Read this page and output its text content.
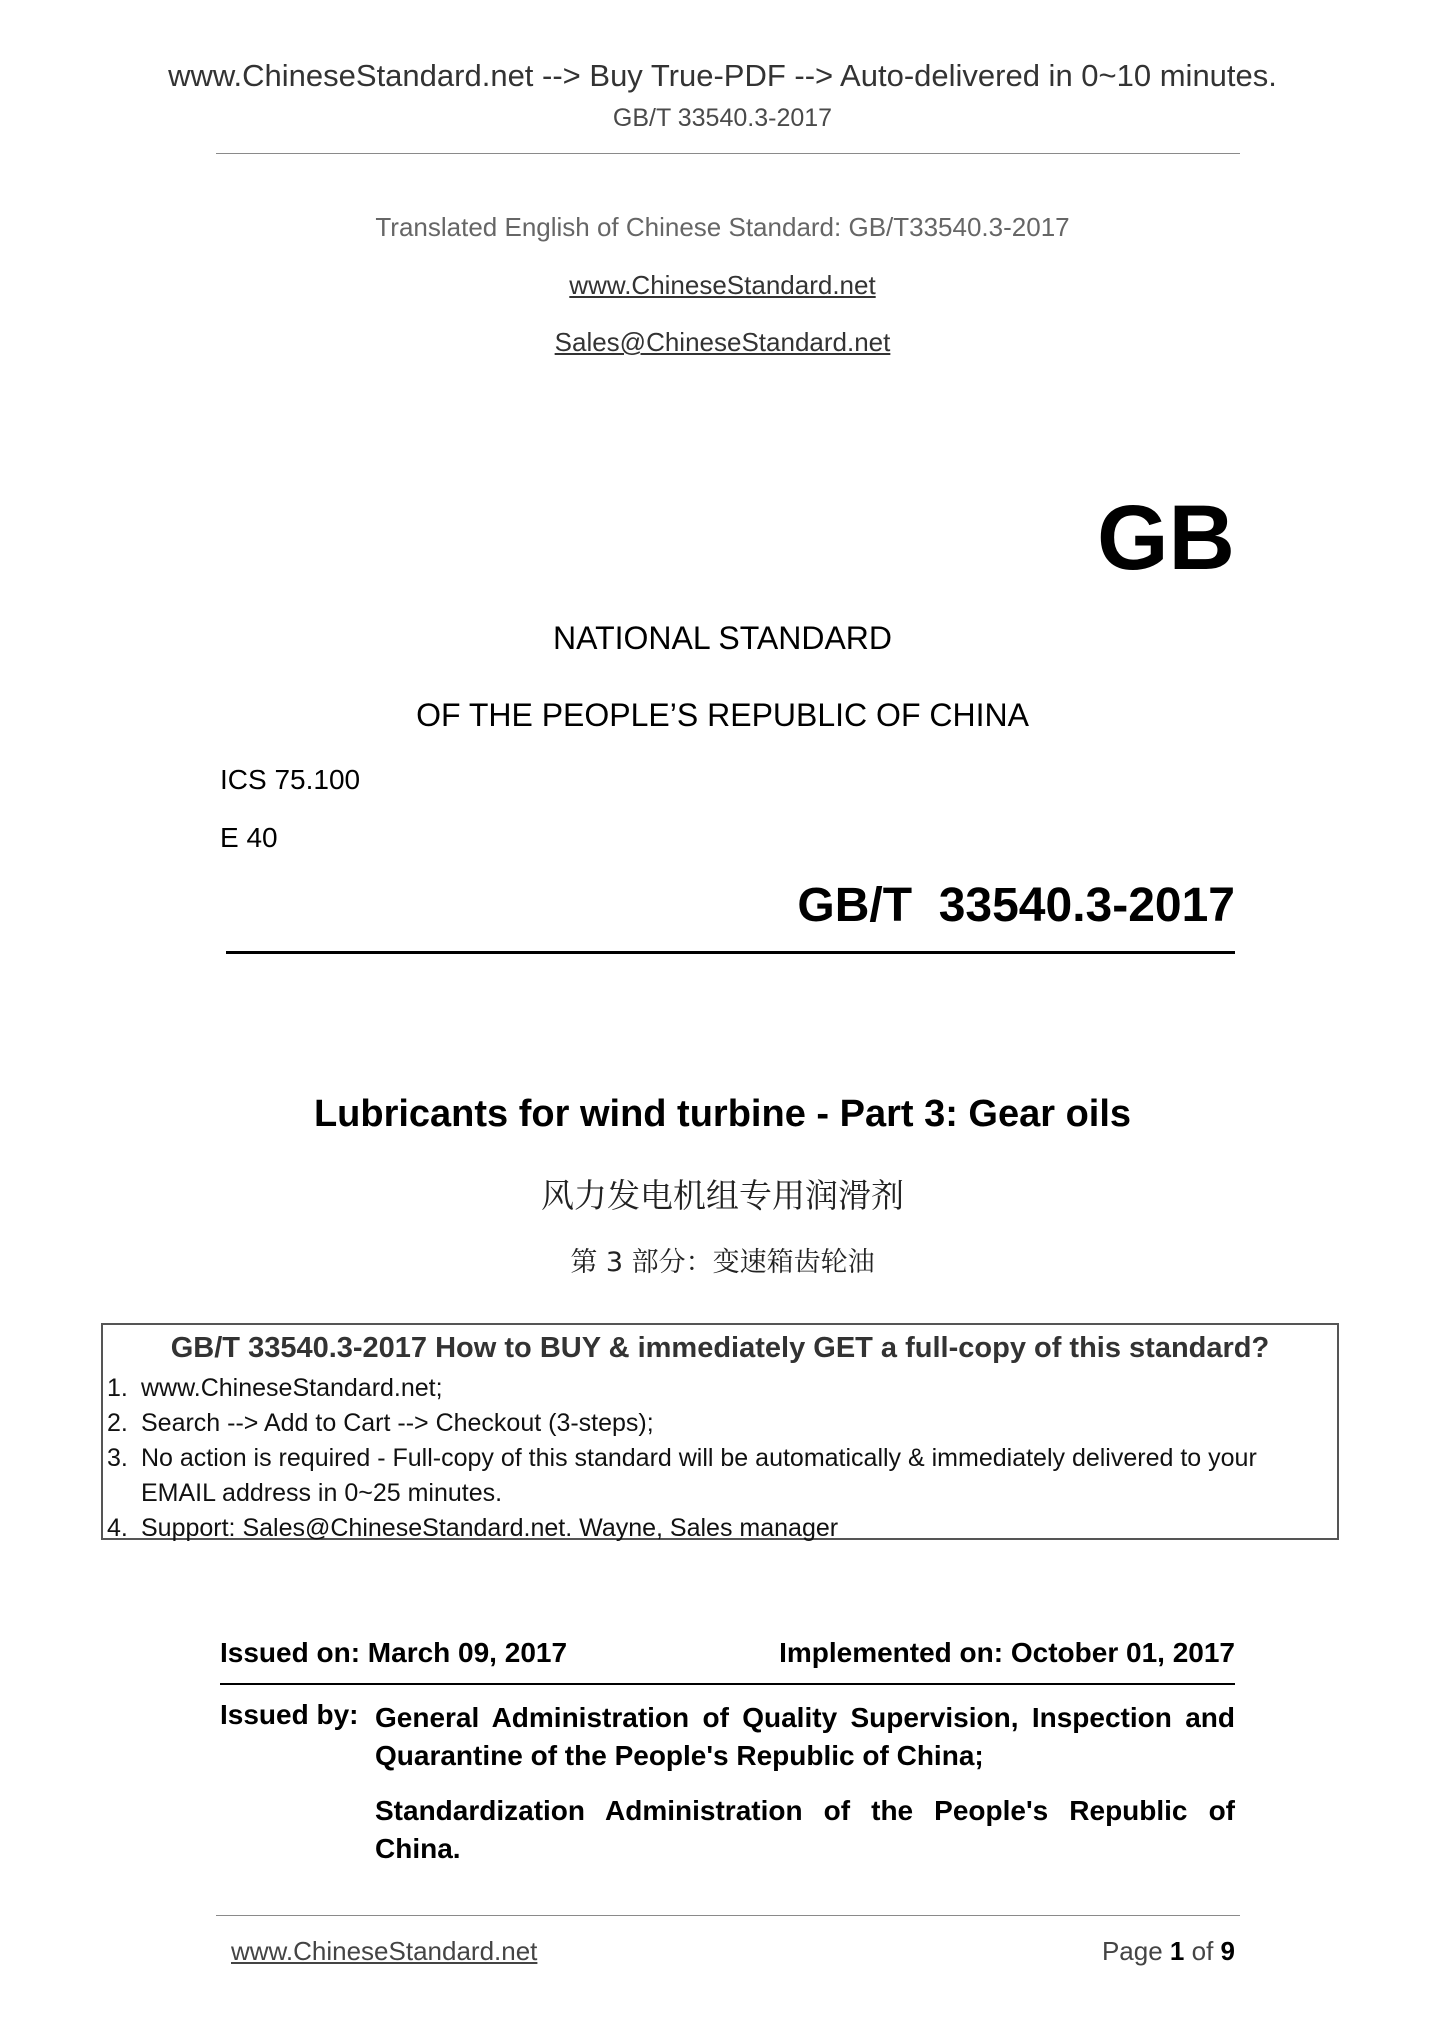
www.ChineseStandard.net --> Buy True-PDF --> Auto-delivered in 0~10 minutes.
GB/T 33540.3-2017
Translated English of Chinese Standard: GB/T33540.3-2017
www.ChineseStandard.net
Sales@ChineseStandard.net
GB
NATIONAL STANDARD
OF THE PEOPLE’S REPUBLIC OF CHINA
ICS 75.100
E 40
GB/T  33540.3-2017
Lubricants for wind turbine - Part 3: Gear oils
风力发电机组专用润滑剂
第 3 部分：变速箱齿轮油
GB/T 33540.3-2017 How to BUY & immediately GET a full-copy of this standard?
1. www.ChineseStandard.net;
2. Search --> Add to Cart --> Checkout (3-steps);
3. No action is required - Full-copy of this standard will be automatically & immediately delivered to your EMAIL address in 0~25 minutes.
4. Support: Sales@ChineseStandard.net. Wayne, Sales manager
Issued on: March 09, 2017	Implemented on: October 01, 2017
Issued by: General Administration of Quality Supervision, Inspection and Quarantine of the People's Republic of China;
Standardization Administration of the People's Republic of China.
www.ChineseStandard.net	Page 1 of 9
